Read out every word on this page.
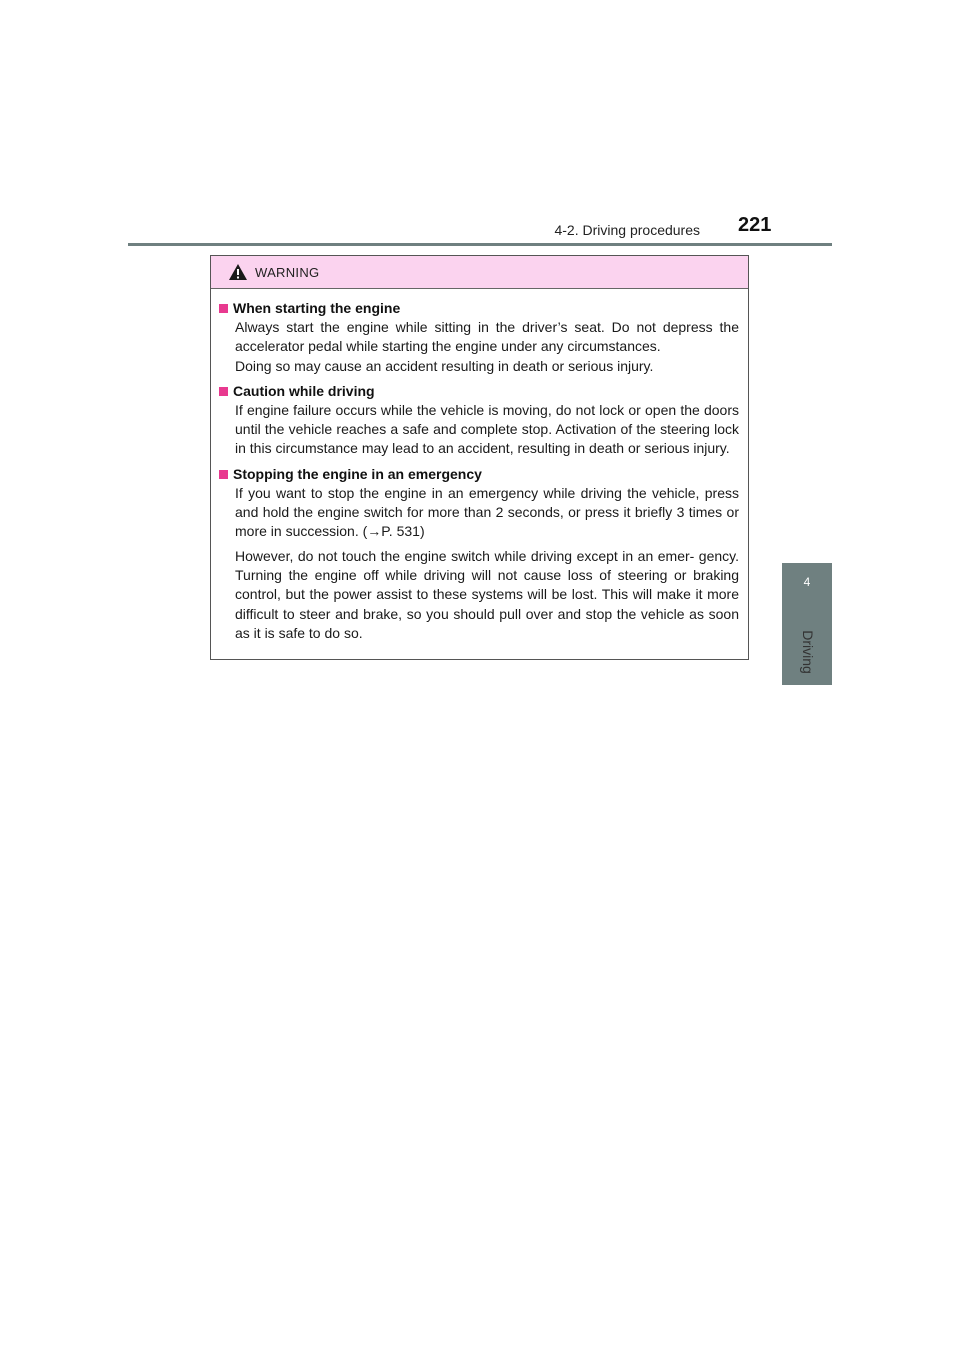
4-2. Driving procedures 221
4
Driving
WARNING
When starting the engine

Always start the engine while sitting in the driver’s seat. Do not depress the accelerator pedal while starting the engine under any circumstances.

Doing so may cause an accident resulting in death or serious injury.

Caution while driving

If engine failure occurs while the vehicle is moving, do not lock or open the doors until the vehicle reaches a safe and complete stop. Activation of the steering lock in this circumstance may lead to an accident, resulting in death or serious injury.

Stopping the engine in an emergency

If you want to stop the engine in an emergency while driving the vehicle, press and hold the engine switch for more than 2 seconds, or press it briefly 3 times or more in succession. (→P. 531)

However, do not touch the engine switch while driving except in an emer- gency. Turning the engine off while driving will not cause loss of steering or braking control, but the power assist to these systems will be lost. This will make it more difficult to steer and brake, so you should pull over and stop the vehicle as soon as it is safe to do so.
